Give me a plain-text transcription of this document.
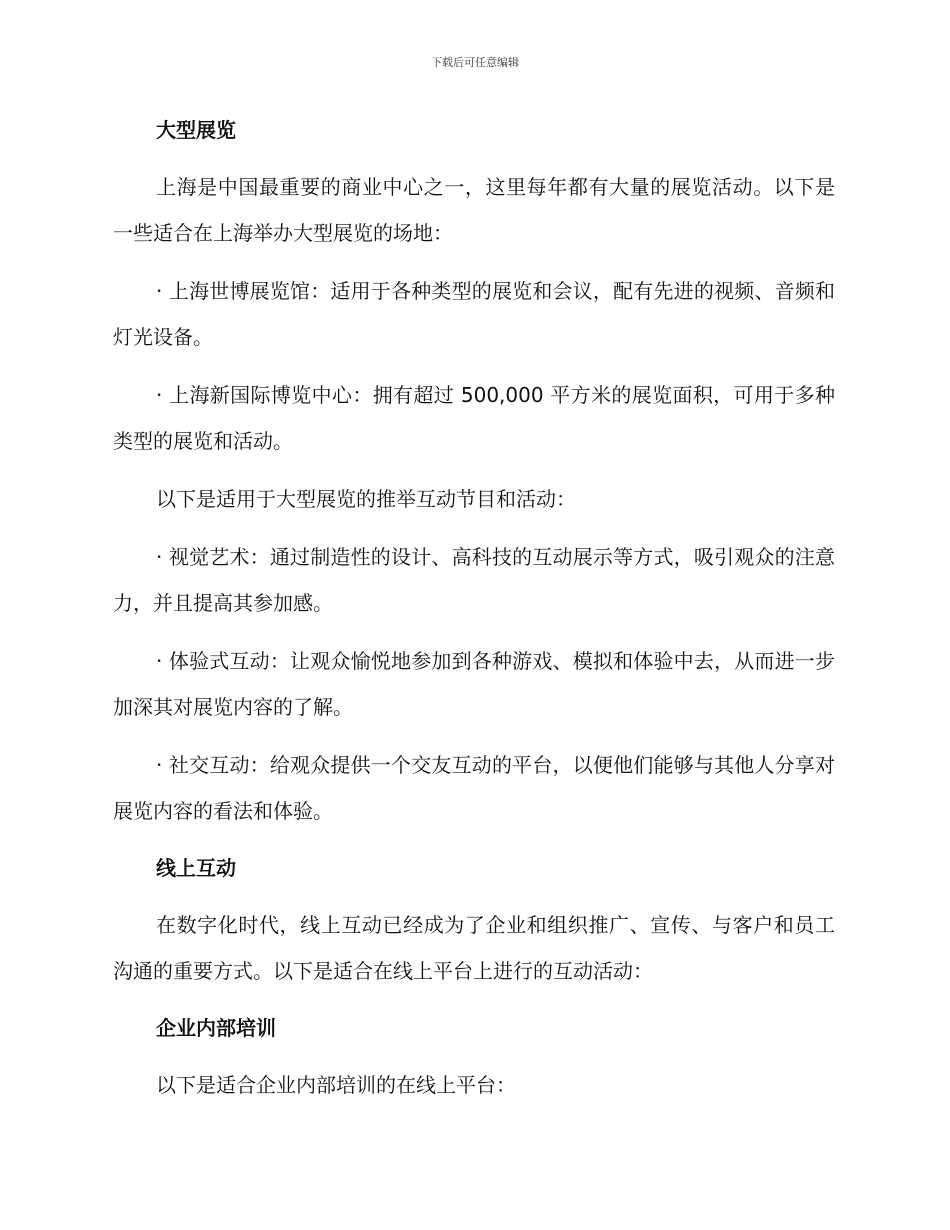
下载后可任意编辑
大型展览

上海是中国最重要的商业中心之一，这里每年都有大量的展览活动。以下是一些适合在上海举办大型展览的场地：

· 上海世博展览馆：适用于各种类型的展览和会议，配有先进的视频、音频和灯光设备。

· 上海新国际博览中心：拥有超过 500,000 平方米的展览面积，可用于多种类型的展览和活动。

以下是适用于大型展览的推举互动节目和活动：

· 视觉艺术：通过制造性的设计、高科技的互动展示等方式，吸引观众的注意力，并且提高其参加感。

· 体验式互动：让观众愉悦地参加到各种游戏、模拟和体验中去，从而进一步加深其对展览内容的了解。

· 社交互动：给观众提供一个交友互动的平台，以便他们能够与其他人分享对展览内容的看法和体验。

线上互动

在数字化时代，线上互动已经成为了企业和组织推广、宣传、与客户和员工沟通的重要方式。以下是适合在线上平台上进行的互动活动：

企业内部培训

以下是适合企业内部培训的在线上平台：
